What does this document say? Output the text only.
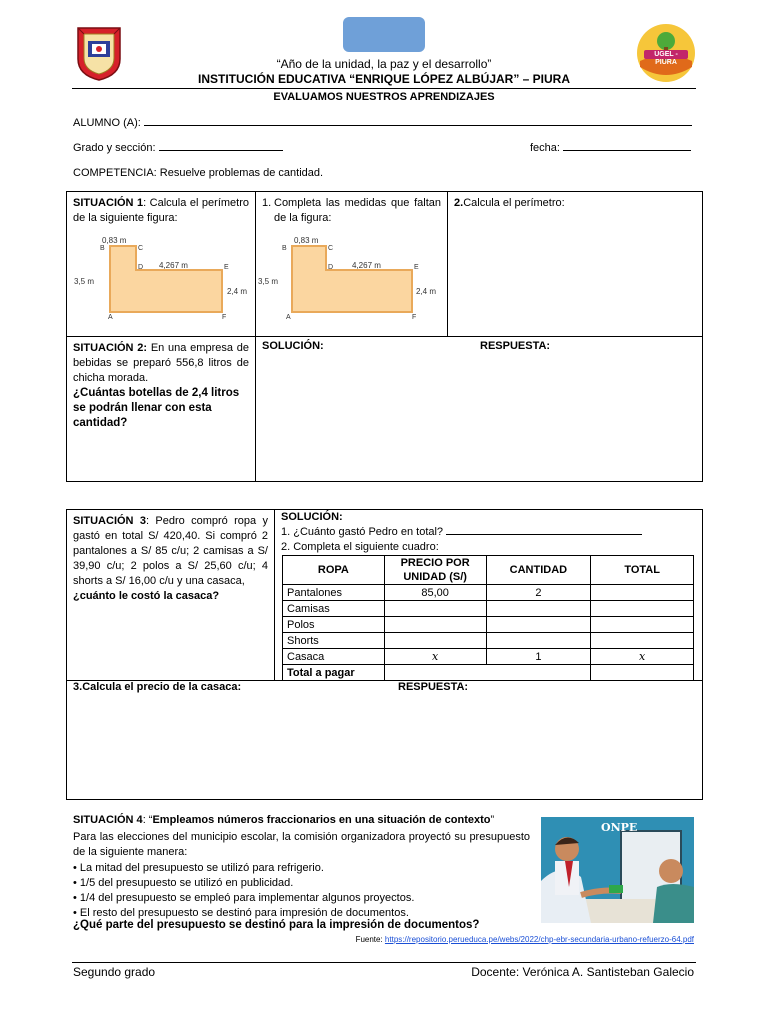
UGEL - PIURA
“Año de la unidad, la paz y el desarrollo”
INSTITUCIÓN EDUCATIVA “ENRIQUE LÓPEZ ALBÚJAR” – PIURA
EVALUAMOS NUESTROS APRENDIZAJES
ALUMNO (A):
Grado y sección:	fecha:
COMPETENCIA: Resuelve problemas de cantidad.
SITUACIÓN 1: Calcula el perímetro de la siguiente figura:
1. Completa las medidas que faltan de la figura:
2.Calcula el perímetro:
0,83 m
4,267 m
3,5 m
2,4 m
B	C
D	E
A	F
0,83 m
4,267 m
3,5 m
2,4 m
B	C
D	E
A	F
SITUACIÓN 2: En una empresa de bebidas se preparó 556,8 litros de chicha morada.
¿Cuántas botellas de 2,4 litros se podrán llenar con esta cantidad?
SOLUCIÓN:	RESPUESTA:
SITUACIÓN 3: Pedro compró ropa y gastó en total S/ 420,40. Si compró 2 pantalones a S/ 85 c/u; 2 camisas a S/ 39,90 c/u; 2 polos a S/ 25,60 c/u; 4 shorts a S/ 16,00 c/u y una casaca,
¿cuánto le costó la casaca?
SOLUCIÓN:
1. ¿Cuánto gastó Pedro en total?
2. Completa el siguiente cuadro:
ROPA	PRECIO POR UNIDAD (S/)	CANTIDAD	TOTAL
Pantalones	85,00	2	
Camisas			
Polos			
Shorts			
Casaca	x	1	x
Total a pagar			
3.Calcula el precio de la casaca:	RESPUESTA:
SITUACIÓN 4: “Empleamos números fraccionarios en una situación de contexto”
Para las elecciones del municipio escolar, la comisión organizadora proyectó su presupuesto de la siguiente manera:
• La mitad del presupuesto se utilizó para refrigerio.
• 1/5 del presupuesto se utilizó en publicidad.
• 1/4 del presupuesto se empleó para implementar algunos proyectos.
• El resto del presupuesto se destinó para impresión de documentos.
¿Qué parte del presupuesto se destinó para la impresión de documentos?
Fuente: https://repositorio.perueduca.pe/webs/2022/chp-ebr-secundaria-urbano-refuerzo-64.pdf
ONPE
Segundo grado	Docente: Verónica A. Santisteban Galecio
